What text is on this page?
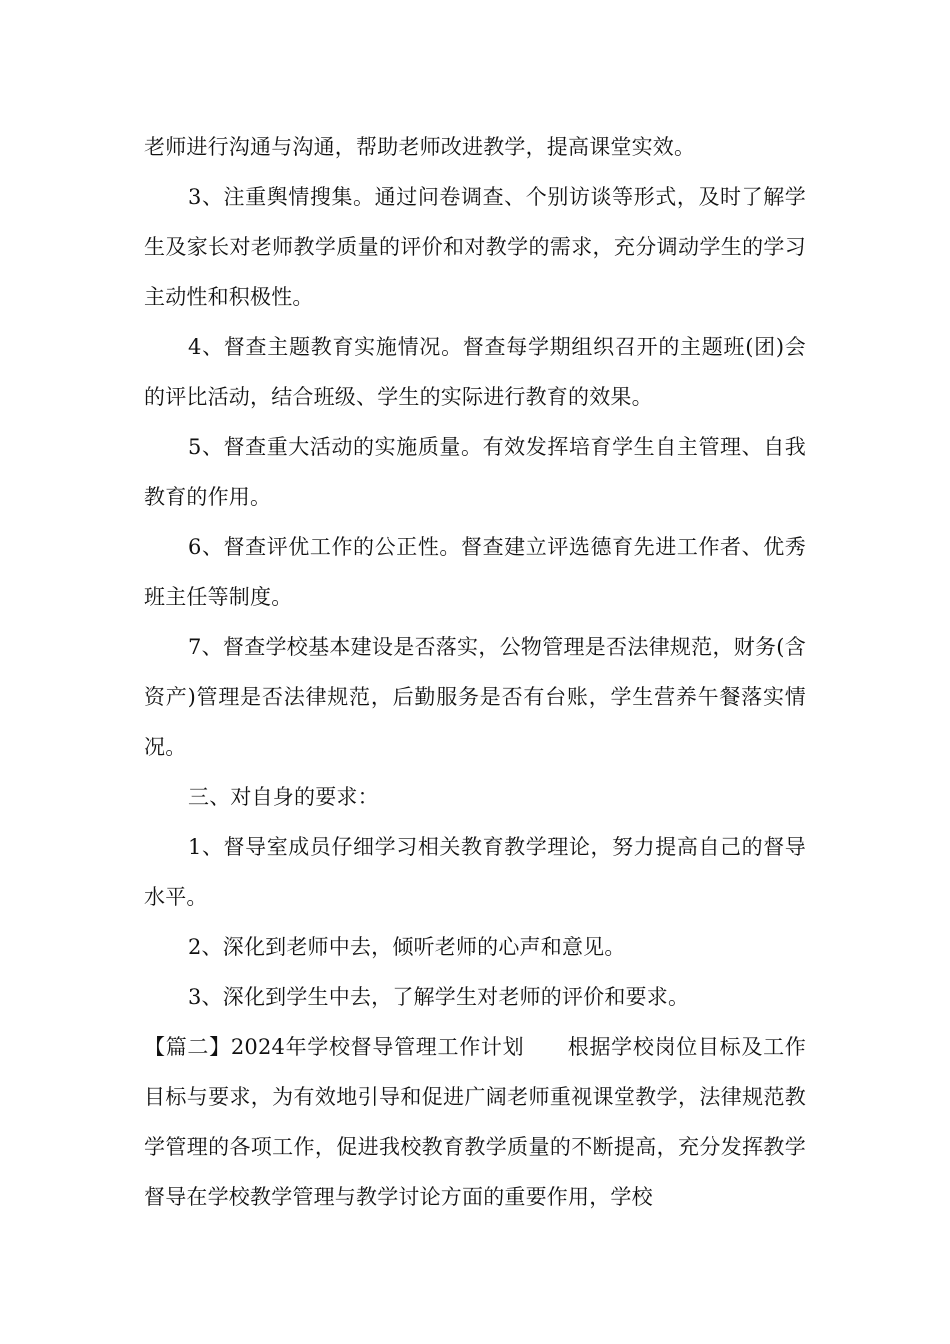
老师进行沟通与沟通，帮助老师改进教学，提高课堂实效。

3、注重舆情搜集。通过问卷调查、个别访谈等形式，及时了解学生及家长对老师教学质量的评价和对教学的需求，充分调动学生的学习主动性和积极性。

4、督查主题教育实施情况。督查每学期组织召开的主题班(团)会的评比活动，结合班级、学生的实际进行教育的效果。

5、督查重大活动的实施质量。有效发挥培育学生自主管理、自我教育的作用。

6、督查评优工作的公正性。督查建立评选德育先进工作者、优秀班主任等制度。

7、督查学校基本建设是否落实，公物管理是否法律规范，财务(含资产)管理是否法律规范，后勤服务是否有台账，学生营养午餐落实情况。

三、对自身的要求：

1、督导室成员仔细学习相关教育教学理论，努力提高自己的督导水平。

2、深化到老师中去，倾听老师的心声和意见。

3、深化到学生中去，了解学生对老师的评价和要求。

【篇二】2024年学校督导管理工作计划　　根据学校岗位目标及工作目标与要求，为有效地引导和促进广阔老师重视课堂教学，法律规范教学管理的各项工作，促进我校教育教学质量的不断提高，充分发挥教学督导在学校教学管理与教学讨论方面的重要作用，学校
